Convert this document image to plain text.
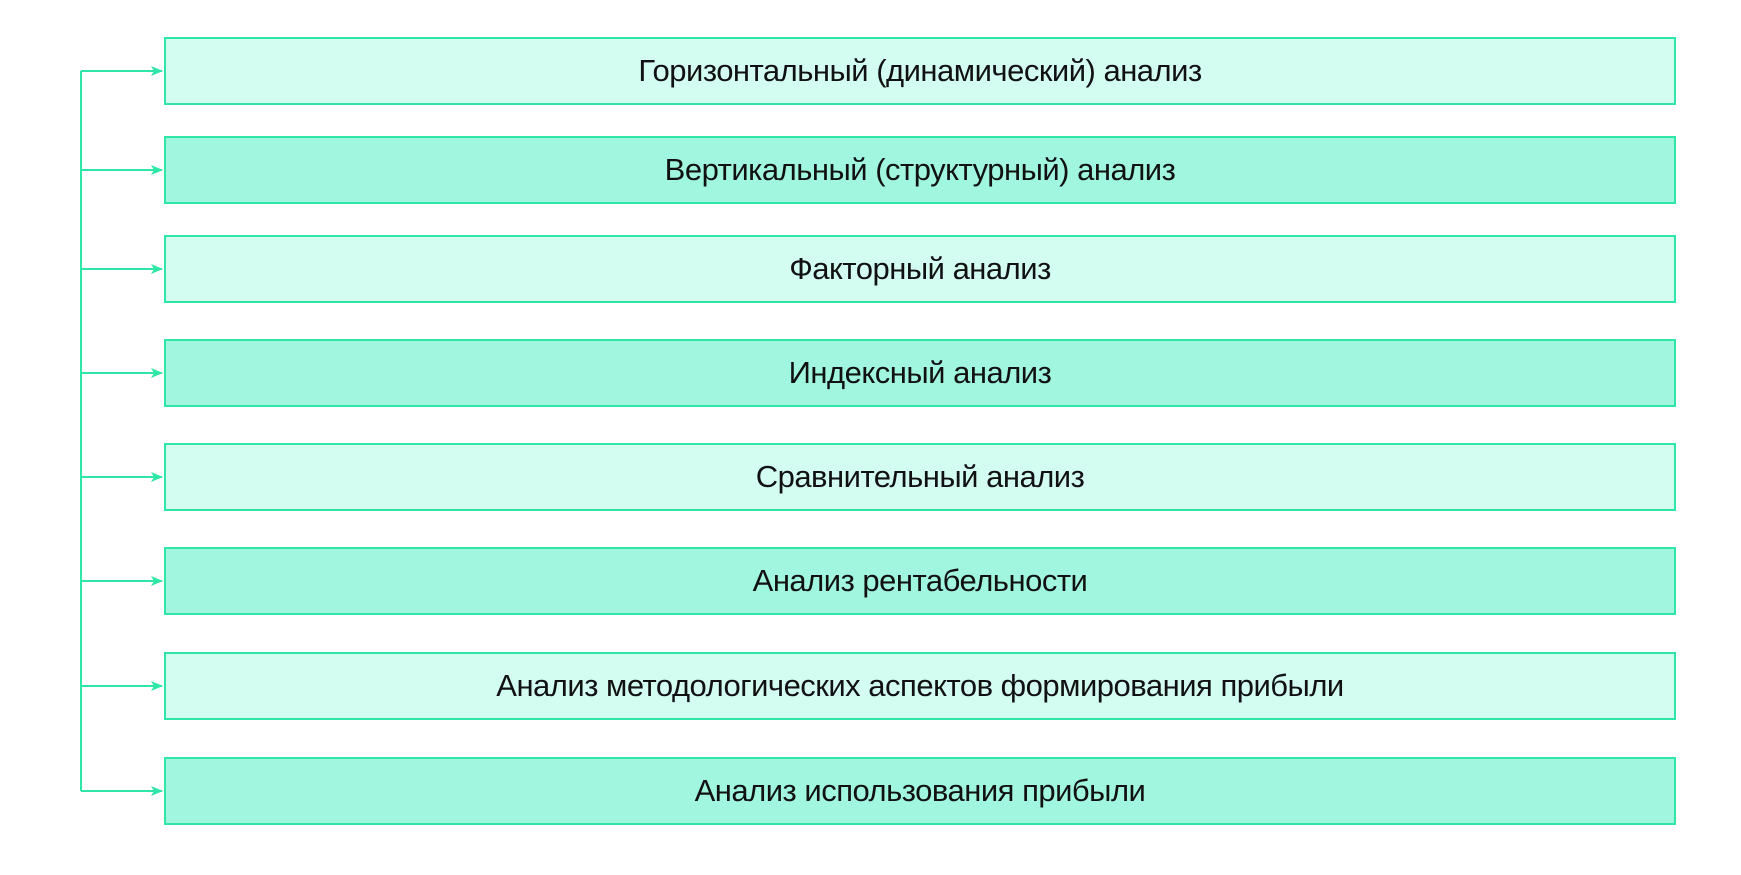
Горизонтальный (динамический) анализ
Вертикальный (структурный) анализ
Факторный анализ
Индексный анализ
Сравнительный анализ
Анализ рентабельности
Анализ методологических аспектов формирования прибыли
Анализ использования прибыли
